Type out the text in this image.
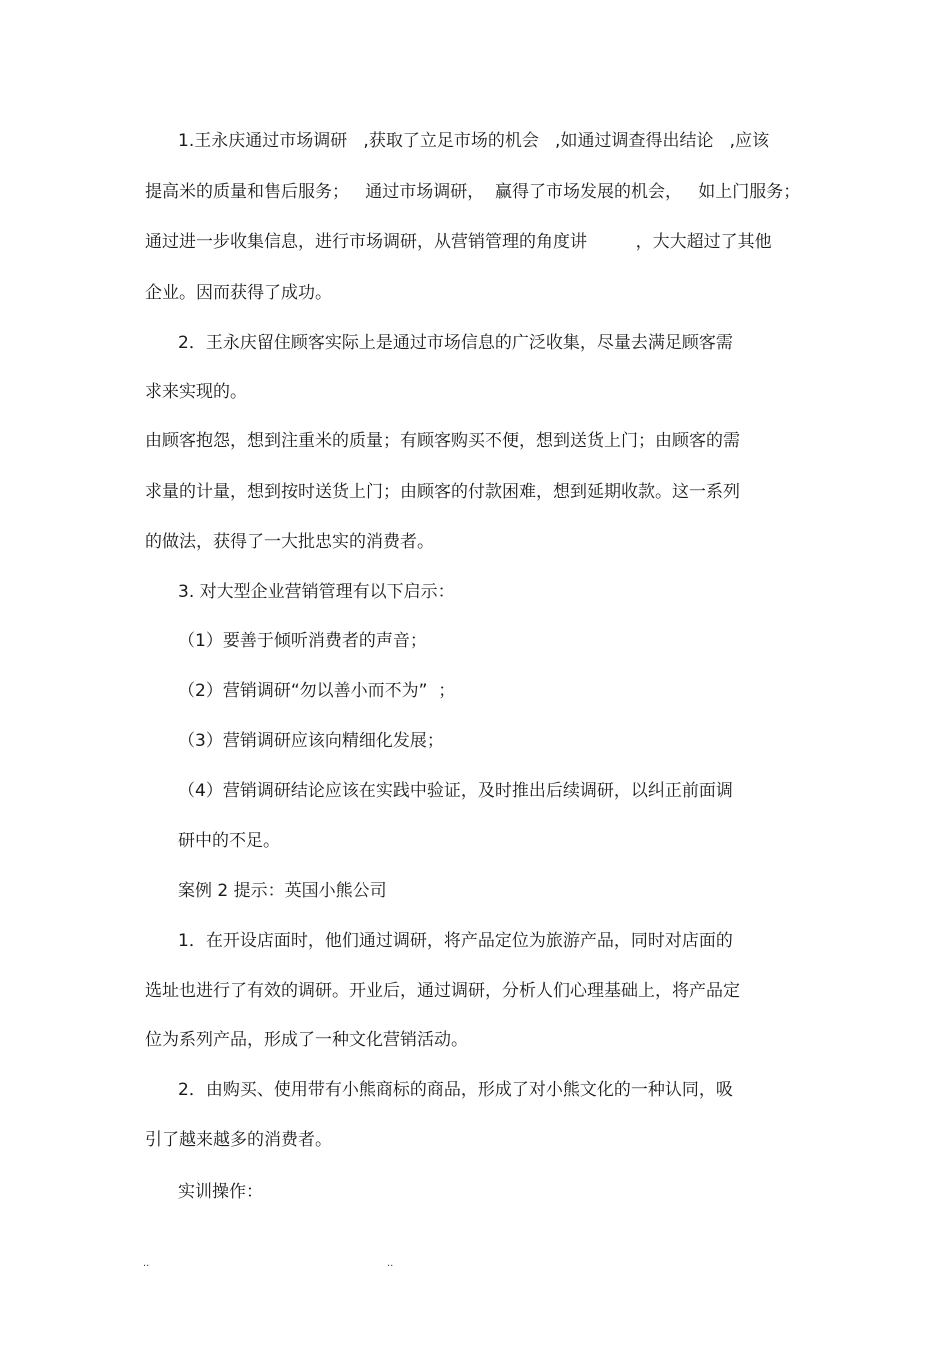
1.王永庆通过市场调研   ,获取了立足市场的机会   ,如通过调查得出结论   ,应该

提高米的质量和售后服务；   通过市场调研，  赢得了市场发展的机会，   如上门服务；

通过进一步收集信息，进行市场调研，从营销管理的角度讲         ，大大超过了其他

企业。因而获得了成功。

2．王永庆留住顾客实际上是通过市场信息的广泛收集，尽量去满足顾客需

求来实现的。

由顾客抱怨，想到注重米的质量；有顾客购买不便，想到送货上门；由顾客的需

求量的计量，想到按时送货上门；由顾客的付款困难，想到延期收款。这一系列

的做法，获得了一大批忠实的消费者。

3. 对大型企业营销管理有以下启示：

（1）要善于倾听消费者的声音；

（2）营销调研“勿以善小而不为”  ；

（3）营销调研应该向精细化发展；

（4）营销调研结论应该在实践中验证，及时推出后续调研，以纠正前面调

研中的不足。

案例 2 提示：英国小熊公司

1．在开设店面时，他们通过调研，将产品定位为旅游产品，同时对店面的

选址也进行了有效的调研。开业后，通过调研，分析人们心理基础上，将产品定

位为系列产品，形成了一种文化营销活动。

2．由购买、使用带有小熊商标的商品，形成了对小熊文化的一种认同，吸

引了越来越多的消费者。

实训操作：

..	..
